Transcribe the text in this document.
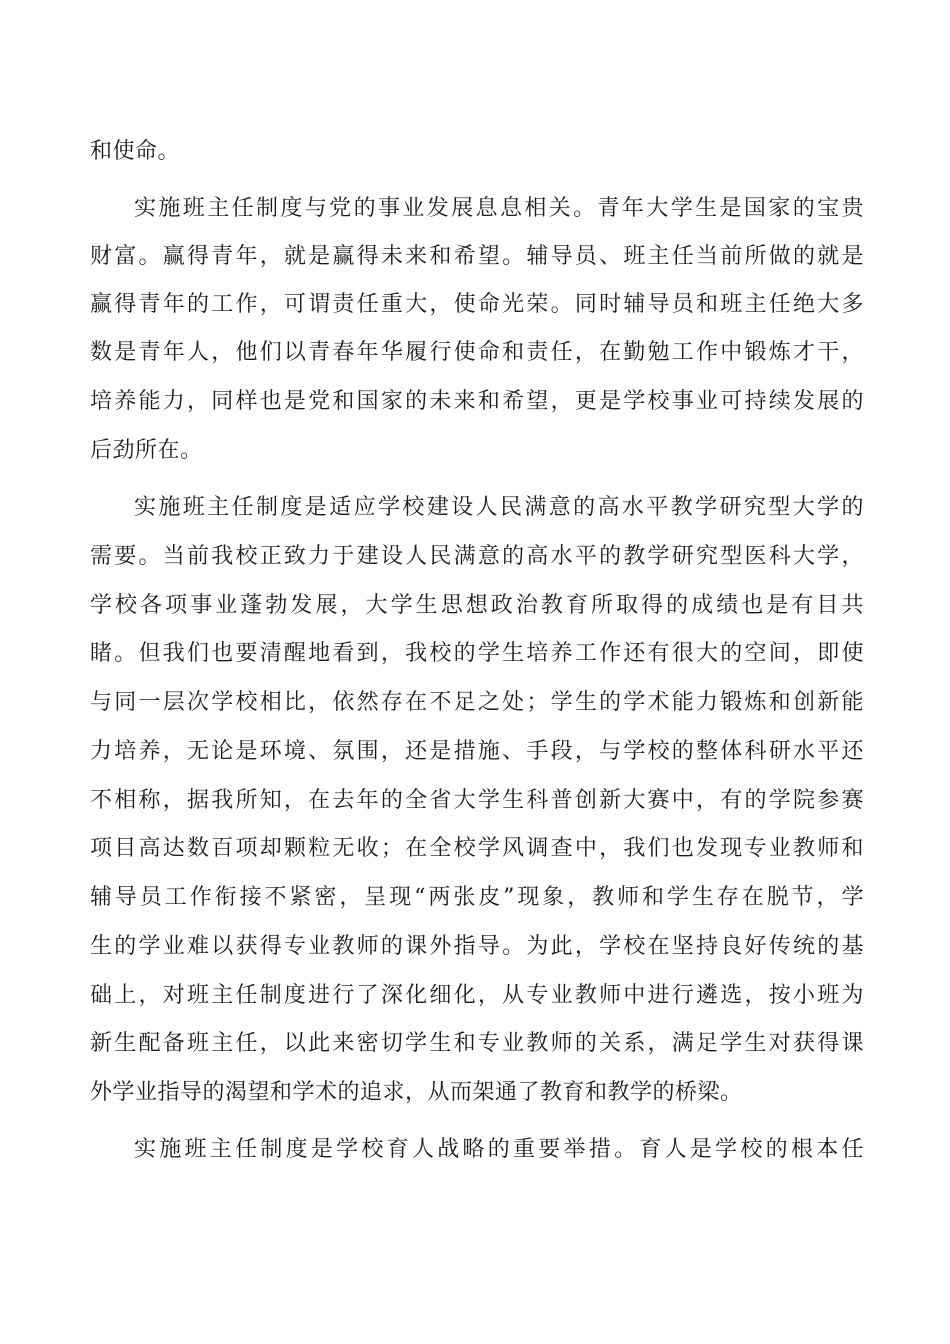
和使命。
实施班主任制度与党的事业发展息息相关。青年大学生是国家的宝贵
财富。赢得青年，就是赢得未来和希望。辅导员、班主任当前所做的就是
赢得青年的工作，可谓责任重大，使命光荣。同时辅导员和班主任绝大多
数是青年人，他们以青春年华履行使命和责任，在勤勉工作中锻炼才干，
培养能力，同样也是党和国家的未来和希望，更是学校事业可持续发展的
后劲所在。
实施班主任制度是适应学校建设人民满意的高水平教学研究型大学的
需要。当前我校正致力于建设人民满意的高水平的教学研究型医科大学，
学校各项事业蓬勃发展，大学生思想政治教育所取得的成绩也是有目共
睹。但我们也要清醒地看到，我校的学生培养工作还有很大的空间，即使
与同一层次学校相比，依然存在不足之处；学生的学术能力锻炼和创新能
力培养，无论是环境、氛围，还是措施、手段，与学校的整体科研水平还
不相称，据我所知，在去年的全省大学生科普创新大赛中，有的学院参赛
项目高达数百项却颗粒无收；在全校学风调查中，我们也发现专业教师和
辅导员工作衔接不紧密，呈现“两张皮”现象，教师和学生存在脱节，学
生的学业难以获得专业教师的课外指导。为此，学校在坚持良好传统的基
础上，对班主任制度进行了深化细化，从专业教师中进行遴选，按小班为
新生配备班主任，以此来密切学生和专业教师的关系，满足学生对获得课
外学业指导的渴望和学术的追求，从而架通了教育和教学的桥梁。
实施班主任制度是学校育人战略的重要举措。育人是学校的根本任
